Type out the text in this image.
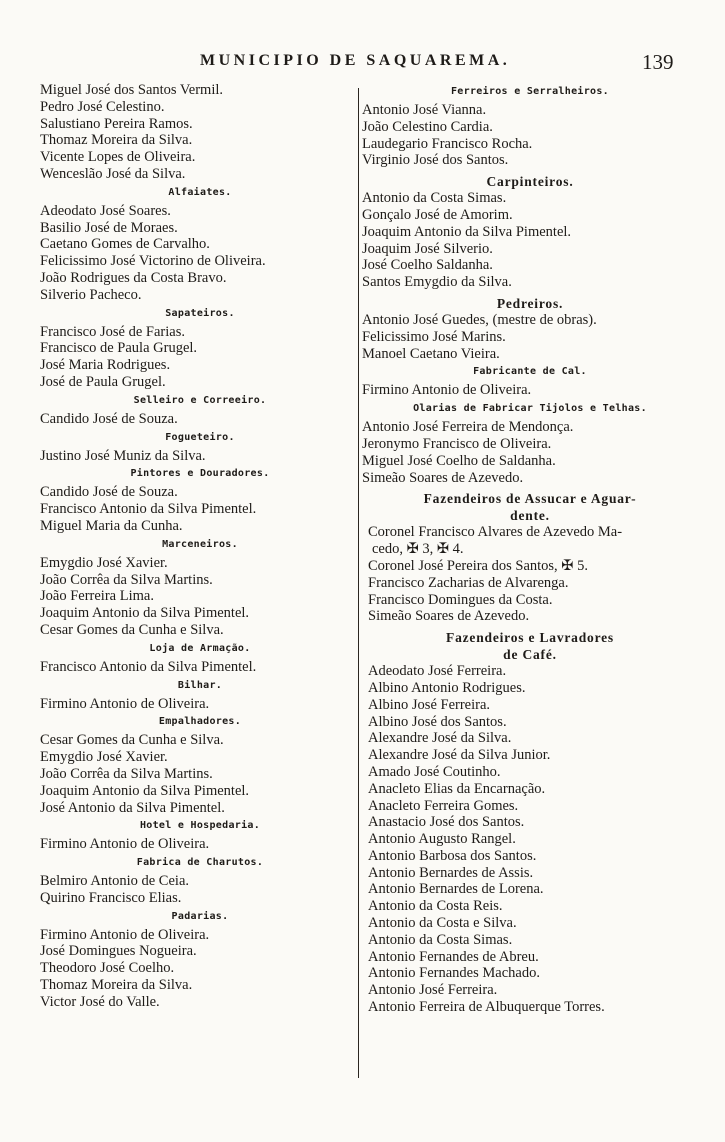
MUNICIPIO DE SAQUAREMA.	139
Miguel José dos Santos Vermil.
Pedro José Celestino.
Salustiano Pereira Ramos.
Thomaz Moreira da Silva.
Vicente Lopes de Oliveira.
Wenceslão José da Silva.
Alfaiates.
Adeodato José Soares.
Basilio José de Moraes.
Caetano Gomes de Carvalho.
Felicissimo José Victorino de Oliveira.
João Rodrigues da Costa Bravo.
Silverio Pacheco.
Sapateiros.
Francisco José de Farias.
Francisco de Paula Grugel.
José Maria Rodrigues.
José de Paula Grugel.
Selleiro e Correeiro.
Candido José de Souza.
Fogueteiro.
Justino José Muniz da Silva.
Pintores e Douradores.
Candido José de Souza.
Francisco Antonio da Silva Pimentel.
Miguel Maria da Cunha.
Marceneiros.
Emygdio José Xavier.
João Corrêa da Silva Martins.
João Ferreira Lima.
Joaquim Antonio da Silva Pimentel.
Cesar Gomes da Cunha e Silva.
Loja de Armação.
Francisco Antonio da Silva Pimentel.
Bilhar.
Firmino Antonio de Oliveira.
Empalhadores.
Cesar Gomes da Cunha e Silva.
Emygdio José Xavier.
João Corrêa da Silva Martins.
Joaquim Antonio da Silva Pimentel.
José Antonio da Silva Pimentel.
Hotel e Hospedaria.
Firmino Antonio de Oliveira.
Fabrica de Charutos.
Belmiro Antonio de Ceia.
Quirino Francisco Elias.
Padarias.
Firmino Antonio de Oliveira.
José Domingues Nogueira.
Theodoro José Coelho.
Thomaz Moreira da Silva.
Victor José do Valle.
Ferreiros e Serralheiros.
Antonio José Vianna.
João Celestino Cardia.
Laudegario Francisco Rocha.
Virginio José dos Santos.
Carpinteiros.
Antonio da Costa Simas.
Gonçalo José de Amorim.
Joaquim Antonio da Silva Pimentel.
Joaquim José Silverio.
José Coelho Saldanha.
Santos Emygdio da Silva.
Pedreiros.
Antonio José Guedes, (mestre de obras).
Felicissimo José Marins.
Manoel Caetano Vieira.
Fabricante de Cal.
Firmino Antonio de Oliveira.
Olarias de Fabricar Tijolos e Telhas.
Antonio José Ferreira de Mendonça.
Jeronymo Francisco de Oliveira.
Miguel José Coelho de Saldanha.
Simeão Soares de Azevedo.
Fazendeiros de Assucar e Aguar-
dente.
Coronel Francisco Alvares de Azevedo Ma-
cedo, ✠ 3, ✠ 4.
Coronel José Pereira dos Santos, ✠ 5.
Francisco Zacharias de Alvarenga.
Francisco Domingues da Costa.
Simeão Soares de Azevedo.
Fazendeiros e Lavradores
de Café.
Adeodato José Ferreira.
Albino Antonio Rodrigues.
Albino José Ferreira.
Albino José dos Santos.
Alexandre José da Silva.
Alexandre José da Silva Junior.
Amado José Coutinho.
Anacleto Elias da Encarnação.
Anacleto Ferreira Gomes.
Anastacio José dos Santos.
Antonio Augusto Rangel.
Antonio Barbosa dos Santos.
Antonio Bernardes de Assis.
Antonio Bernardes de Lorena.
Antonio da Costa Reis.
Antonio da Costa e Silva.
Antonio da Costa Simas.
Antonio Fernandes de Abreu.
Antonio Fernandes Machado.
Antonio José Ferreira.
Antonio Ferreira de Albuquerque Torres.
